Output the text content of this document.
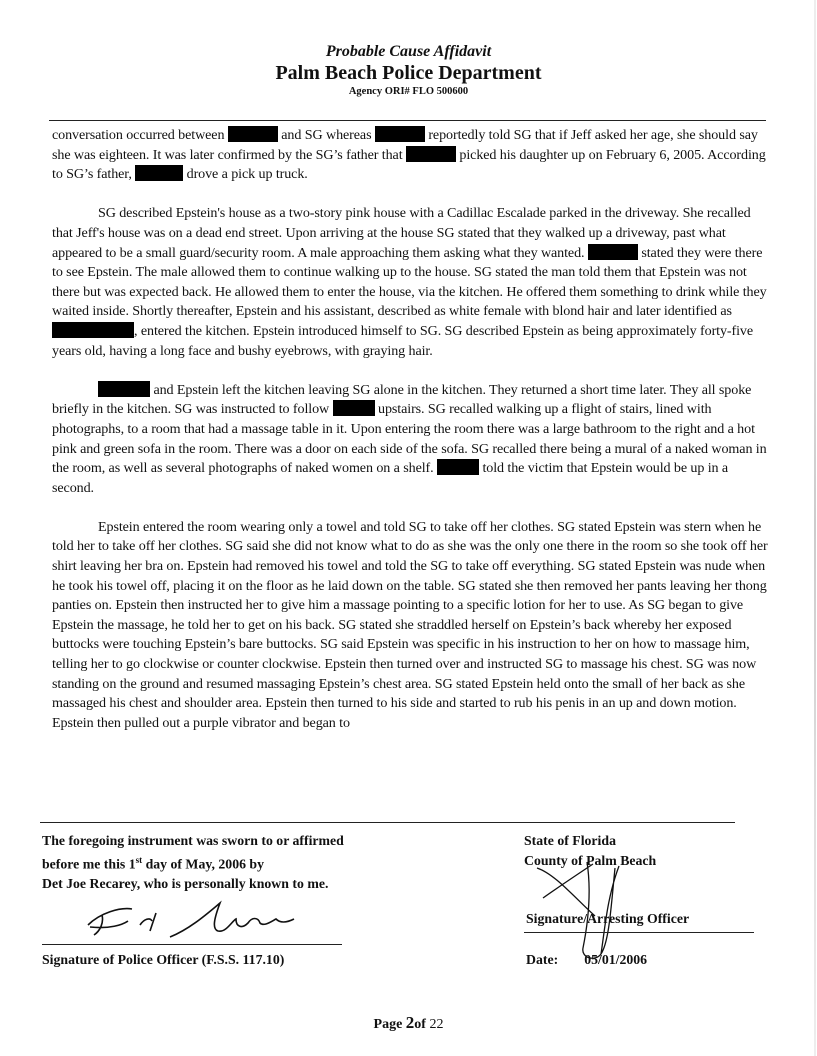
Probable Cause Affidavit
Palm Beach Police Department
Agency ORI# FLO 500600

conversation occurred between	and SG whereas	reportedly told SG that if Jeff asked her age, she should say she was eighteen. It was later confirmed by the SG’s father that	picked his daughter up on February 6, 2005. According to SG’s father,	drove a pick up truck.

SG described Epstein's house as a two-story pink house with a Cadillac Escalade parked in the driveway. She recalled that Jeff's house was on a dead end street. Upon arriving at the house SG stated that they walked up a driveway, past what appeared to be a small guard/security room. A male approaching them asking what they wanted.	stated they were there to see Epstein. The male allowed them to continue walking up to the house. SG stated the man told them that Epstein was not there but was expected back. He allowed them to enter the house, via the kitchen. He offered them something to drink while they waited inside. Shortly thereafter, Epstein and his assistant, described as white female with blond hair and later identified as , entered the kitchen. Epstein introduced himself to SG. SG described Epstein as being approximately forty-five years old, having a long face and bushy eyebrows, with graying hair.

and Epstein left the kitchen leaving SG alone in the kitchen. They returned a short time later. They all spoke briefly in the kitchen. SG was instructed to follow	upstairs. SG recalled walking up a flight of stairs, lined with photographs, to a room that had a massage table in it. Upon entering the room there was a large bathroom to the right and a hot pink and green sofa in the room. There was a door on each side of the sofa. SG recalled there being a mural of a naked woman in the room, as well as several photographs of naked women on a shelf.	told the victim that Epstein would be up in a second.

Epstein entered the room wearing only a towel and told SG to take off her clothes. SG stated Epstein was stern when he told her to take off her clothes. SG said she did not know what to do as she was the only one there in the room so she took off her shirt leaving her bra on. Epstein had removed his towel and told the SG to take off everything. SG stated Epstein was nude when he took his towel off, placing it on the floor as he laid down on the table. SG stated she then removed her pants leaving her thong panties on. Epstein then instructed her to give him a massage pointing to a specific lotion for her to use. As SG began to give Epstein the massage, he told her to get on his back. SG stated she straddled herself on Epstein’s back whereby her exposed buttocks were touching Epstein’s bare buttocks. SG said Epstein was specific in his instruction to her on how to massage him, telling her to go clockwise or counter clockwise. Epstein then turned over and instructed SG to massage his chest. SG was now standing on the ground and resumed massaging Epstein’s chest area. SG stated Epstein held onto the small of her back as she massaged his chest and shoulder area. Epstein then turned to his side and started to rub his penis in an up and down motion. Epstein then pulled out a purple vibrator and began to

The foregoing instrument was sworn to or affirmed
before me this 1st day of May, 2006 by
Det Joe Recarey, who is personally known to me.
Signature of Police Officer (F.S.S. 117.10)
State of Florida
County of Palm Beach
Signature/Arresting Officer
Date: 05/01/2006
Page 2of 22
